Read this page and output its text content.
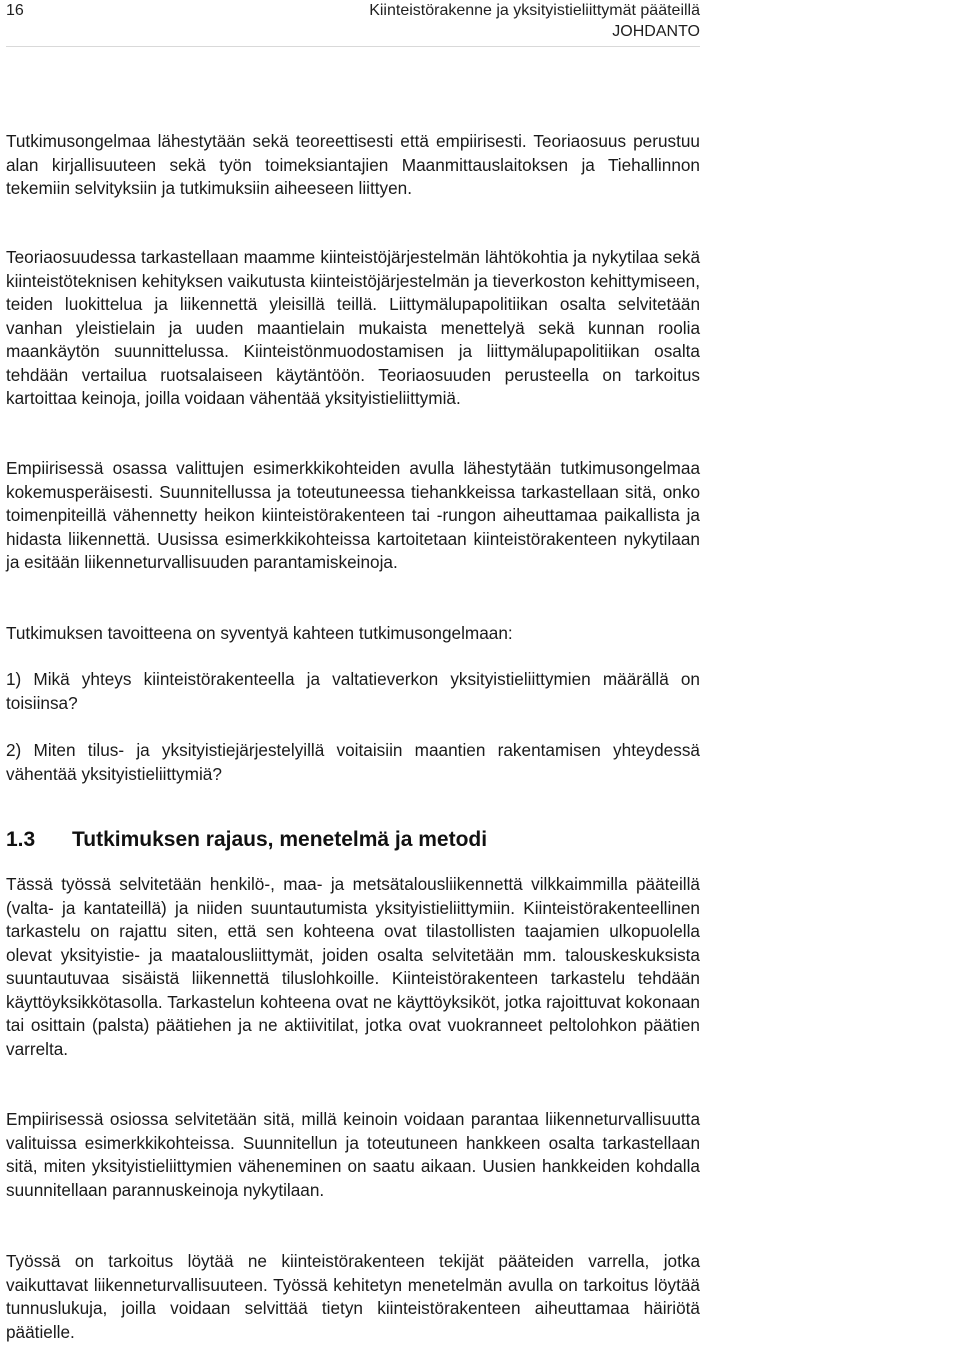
16	Kiinteistörakenne ja yksityistieliittymät pääteillä
JOHDANTO

Tutkimusongelmaa lähestytään sekä teoreettisesti että empiirisesti. Teoriaosuus perustuu alan kirjallisuuteen sekä työn toimeksiantajien Maanmittauslaitoksen ja Tiehallinnon tekemiin selvityksiin ja tutkimuksiin aiheeseen liittyen.

Teoriaosuudessa tarkastellaan maamme kiinteistöjärjestelmän lähtökohtia ja nykytilaa sekä kiinteistöteknisen kehityksen vaikutusta kiinteistöjärjestelmän ja tieverkoston kehittymiseen, teiden luokittelua ja liikennettä yleisillä teillä. Liittymälupapolitiikan osalta selvitetään vanhan yleistielain ja uuden maantielain mukaista menettelyä sekä kunnan roolia maankäytön suunnittelussa. Kiinteistönmuodostamisen ja liittymälupapolitiikan osalta tehdään vertailua ruotsalaiseen käytäntöön. Teoriaosuuden perusteella on tarkoitus kartoittaa keinoja, joilla voidaan vähentää yksityistieliittymiä.

Empiirisessä osassa valittujen esimerkkikohteiden avulla lähestytään tutkimusongelmaa kokemusperäisesti. Suunnitellussa ja toteutuneessa tiehankkeissa tarkastellaan sitä, onko toimenpiteillä vähennetty heikon kiinteistörakenteen tai -rungon aiheuttamaa paikallista ja hidasta liikennettä. Uusissa esimerkkikohteissa kartoitetaan kiinteistörakenteen nykytilaan ja esitään liikenneturvallisuuden parantamiskeinoja.

Tutkimuksen tavoitteena on syventyä kahteen tutkimusongelmaan:

1) Mikä yhteys kiinteistörakenteella ja valtatieverkon yksityistieliittymien määrällä on toisiinsa?

2) Miten tilus- ja yksityistiejärjestelyillä voitaisiin maantien rakentamisen yhteydessä vähentää yksityistieliittymiä?

1.3 Tutkimuksen rajaus, menetelmä ja metodi

Tässä työssä selvitetään henkilö-, maa- ja metsätalousliikennettä vilkkaimmilla pääteillä (valta- ja kantateillä) ja niiden suuntautumista yksityistieliittymiin. Kiinteistörakenteellinen tarkastelu on rajattu siten, että sen kohteena ovat tilastollisten taajamien ulkopuolella olevat yksityistie- ja maatalousliittymät, joiden osalta selvitetään mm. talouskeskuksista suuntautuvaa sisäistä liikennettä tiluslohkoille. Kiinteistörakenteen tarkastelu tehdään käyttöyksikkötasolla. Tarkastelun kohteena ovat ne käyttöyksiköt, jotka rajoittuvat kokonaan tai osittain (palsta) päätiehen ja ne aktiivitilat, jotka ovat vuokranneet peltolohkon päätien varrelta.

Empiirisessä osiossa selvitetään sitä, millä keinoin voidaan parantaa liikenneturvallisuutta valituissa esimerkkikohteissa. Suunnitellun ja toteutuneen hankkeen osalta tarkastellaan sitä, miten yksityistieliittymien väheneminen on saatu aikaan. Uusien hankkeiden kohdalla suunnitellaan parannuskeinoja nykytilaan.

Työssä on tarkoitus löytää ne kiinteistörakenteen tekijät pääteiden varrella, jotka vaikuttavat liikenneturvallisuuteen. Työssä kehitetyn menetelmän avulla on tarkoitus löytää tunnuslukuja, joilla voidaan selvittää tietyn kiinteistörakenteen aiheuttamaa häiriötä päätielle.
